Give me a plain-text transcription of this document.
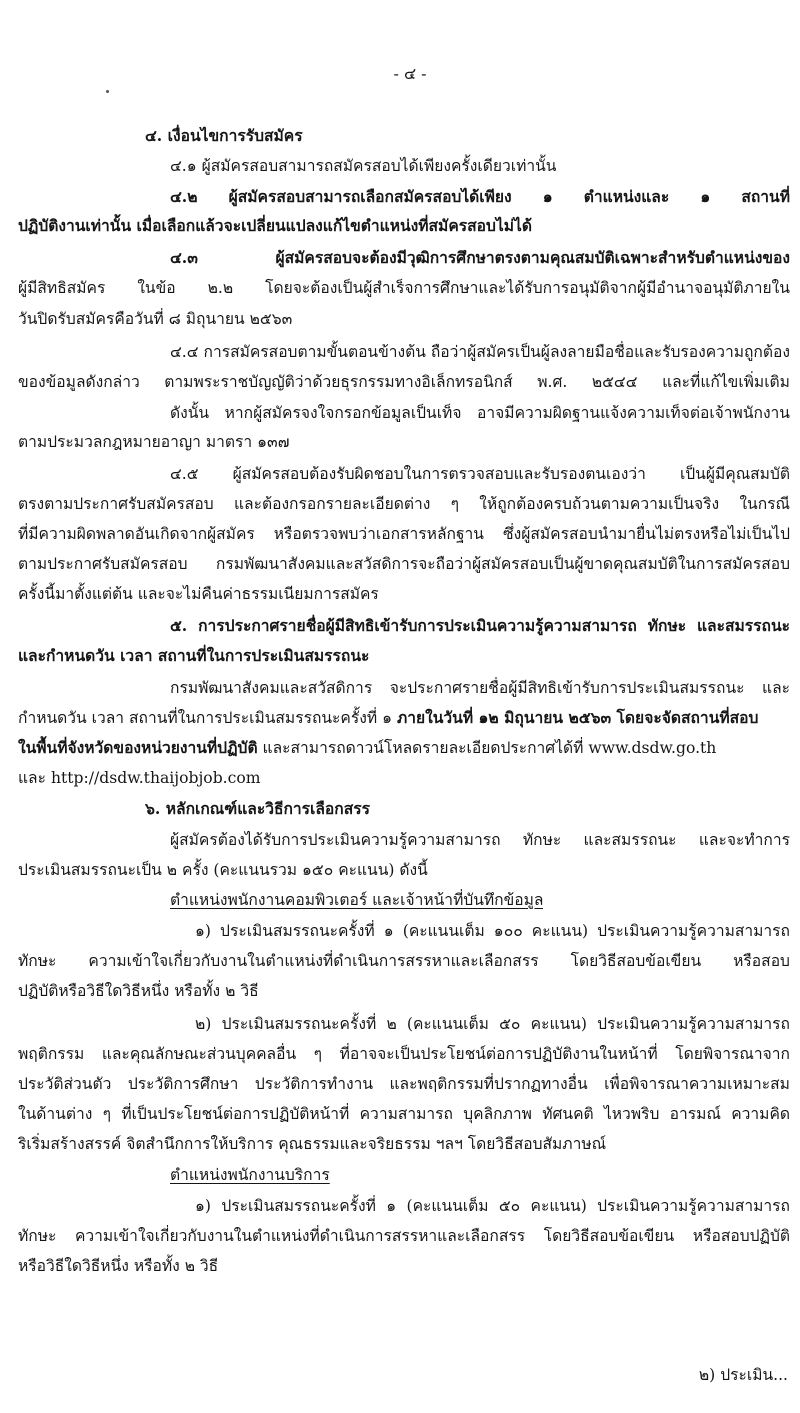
- ๔ -
๔. เงื่อนไขการรับสมัคร
๔.๑ ผู้สมัครสอบสามารถสมัครสอบได้เพียงครั้งเดียวเท่านั้น
๔.๒ ผู้สมัครสอบสามารถเลือกสมัครสอบได้เพียง ๑ ตำแหน่งและ ๑ สถานที่
ปฏิบัติงานเท่านั้น เมื่อเลือกแล้วจะเปลี่ยนแปลงแก้ไขตำแหน่งที่สมัครสอบไม่ได้
๔.๓	ผู้สมัครสอบจะต้องมีวุฒิการศึกษาตรงตามคุณสมบัติเฉพาะสำหรับตำแหน่งของ
ผู้มีสิทธิสมัคร ในข้อ ๒.๒ โดยจะต้องเป็นผู้สำเร็จการศึกษาและได้รับการอนุมัติจากผู้มีอำนาจอนุมัติภายใน
วันปิดรับสมัครคือวันที่ ๘ มิถุนายน ๒๕๖๓
๔.๔ การสมัครสอบตามขั้นตอนข้างต้น ถือว่าผู้สมัครเป็นผู้ลงลายมือชื่อและรับรองความถูกต้อง
ของข้อมูลดังกล่าว ตามพระราชบัญญัติว่าด้วยธุรกรรมทางอิเล็กทรอนิกส์ พ.ศ. ๒๕๔๔ และที่แก้ไขเพิ่มเติม
ดังนั้น หากผู้สมัครจงใจกรอกข้อมูลเป็นเท็จ อาจมีความผิดฐานแจ้งความเท็จต่อเจ้าพนักงาน
ตามประมวลกฎหมายอาญา มาตรา ๑๓๗
๔.๕ ผู้สมัครสอบต้องรับผิดชอบในการตรวจสอบและรับรองตนเองว่า เป็นผู้มีคุณสมบัติ
ตรงตามประกาศรับสมัครสอบ และต้องกรอกรายละเอียดต่าง ๆ ให้ถูกต้องครบถ้วนตามความเป็นจริง ในกรณี
ที่มีความผิดพลาดอันเกิดจากผู้สมัคร หรือตรวจพบว่าเอกสารหลักฐาน ซึ่งผู้สมัครสอบนำมายื่นไม่ตรงหรือไม่เป็นไป
ตามประกาศรับสมัครสอบ กรมพัฒนาสังคมและสวัสดิการจะถือว่าผู้สมัครสอบเป็นผู้ขาดคุณสมบัติในการสมัครสอบ
ครั้งนี้มาตั้งแต่ต้น และจะไม่คืนค่าธรรมเนียมการสมัคร
๕. การประกาศรายชื่อผู้มีสิทธิเข้ารับการประเมินความรู้ความสามารถ ทักษะ และสมรรถนะ
และกำหนดวัน เวลา สถานที่ในการประเมินสมรรถนะ
กรมพัฒนาสังคมและสวัสดิการ จะประกาศรายชื่อผู้มีสิทธิเข้ารับการประเมินสมรรถนะ และ
กำหนดวัน เวลา สถานที่ในการประเมินสมรรถนะครั้งที่ ๑ ภายในวันที่ ๑๒ มิถุนายน ๒๕๖๓ โดยจะจัดสถานที่สอบ
ในพื้นที่จังหวัดของหน่วยงานที่ปฏิบัติ และสามารถดาวน์โหลดรายละเอียดประกาศได้ที่ www.dsdw.go.th
และ http://dsdw.thaijobjob.com
๖. หลักเกณฑ์และวิธีการเลือกสรร
ผู้สมัครต้องได้รับการประเมินความรู้ความสามารถ ทักษะ และสมรรถนะ และจะทำการ
ประเมินสมรรถนะเป็น ๒ ครั้ง (คะแนนรวม ๑๕๐ คะแนน) ดังนี้
ตำแหน่งพนักงานคอมพิวเตอร์ และเจ้าหน้าที่บันทึกข้อมูล
๑) ประเมินสมรรถนะครั้งที่ ๑ (คะแนนเต็ม ๑๐๐ คะแนน) ประเมินความรู้ความสามารถ
ทักษะ ความเข้าใจเกี่ยวกับงานในตำแหน่งที่ดำเนินการสรรหาและเลือกสรร โดยวิธีสอบข้อเขียน หรือสอบ
ปฏิบัติหรือวิธีใดวิธีหนึ่ง หรือทั้ง ๒ วิธี
๒) ประเมินสมรรถนะครั้งที่ ๒ (คะแนนเต็ม ๕๐ คะแนน) ประเมินความรู้ความสามารถ
พฤติกรรม และคุณลักษณะส่วนบุคคลอื่น ๆ ที่อาจจะเป็นประโยชน์ต่อการปฏิบัติงานในหน้าที่ โดยพิจารณาจาก
ประวัติส่วนตัว ประวัติการศึกษา ประวัติการทำงาน และพฤติกรรมที่ปรากฏทางอื่น เพื่อพิจารณาความเหมาะสม
ในด้านต่าง ๆ ที่เป็นประโยชน์ต่อการปฏิบัติหน้าที่ ความสามารถ บุคลิกภาพ ทัศนคติ ไหวพริบ อารมณ์ ความคิด
ริเริ่มสร้างสรรค์ จิตสำนึกการให้บริการ คุณธรรมและจริยธรรม ฯลฯ โดยวิธีสอบสัมภาษณ์
ตำแหน่งพนักงานบริการ
๑) ประเมินสมรรถนะครั้งที่ ๑ (คะแนนเต็ม ๕๐ คะแนน) ประเมินความรู้ความสามารถ
ทักษะ ความเข้าใจเกี่ยวกับงานในตำแหน่งที่ดำเนินการสรรหาและเลือกสรร โดยวิธีสอบข้อเขียน หรือสอบปฏิบัติ
หรือวิธีใดวิธีหนึ่ง หรือทั้ง ๒ วิธี
๒) ประเมิน...
